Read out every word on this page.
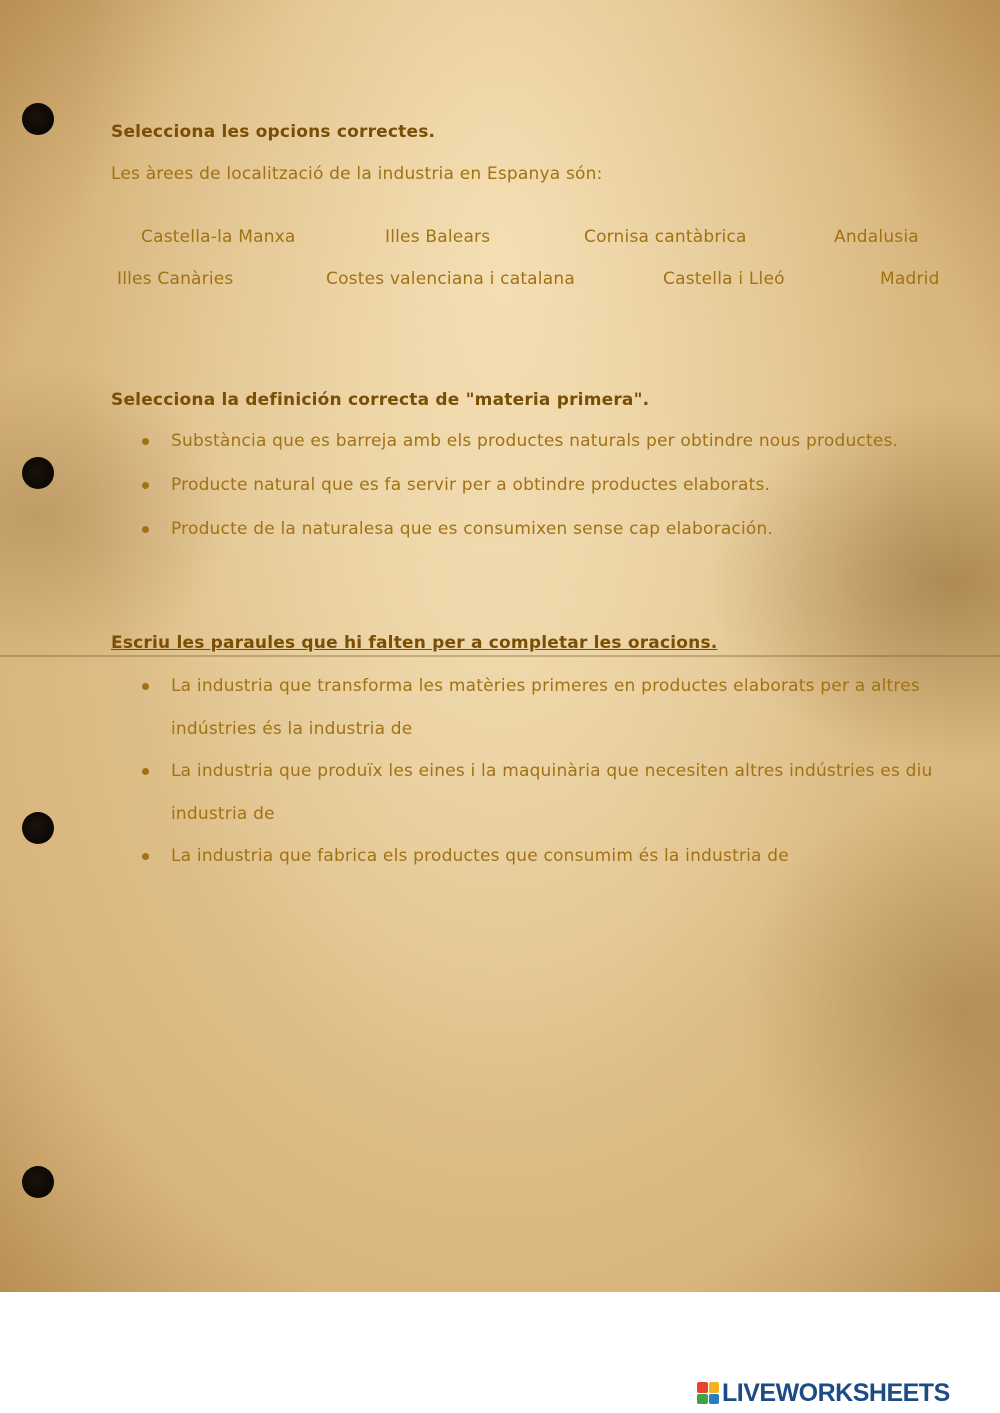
Selecciona les opcions correctes.
Les àrees de localització de la industria en Espanya són:
Castella-la Manxa	Illes Balears	Cornisa cantàbrica	Andalusia
Illes Canàries	Costes valenciana i catalana	Castella i Lleó	Madrid
Selecciona la definición correcta de "materia primera".
Substància que es barreja amb els productes naturals per obtindre nous productes.
Producte natural que es fa servir per a obtindre productes elaborats.
Producte de la naturalesa que es consumixen sense cap elaboración.
Escriu les paraules que hi falten per a completar les oracions.
La industria que transforma les matèries primeres en productes elaborats per a altres
indústries és la industria de
La industria que produïx les eines i la maquinària que necesiten altres indústries es diu
industria de
La industria que fabrica els productes que consumim és la industria de
LIVEWORKSHEETS
